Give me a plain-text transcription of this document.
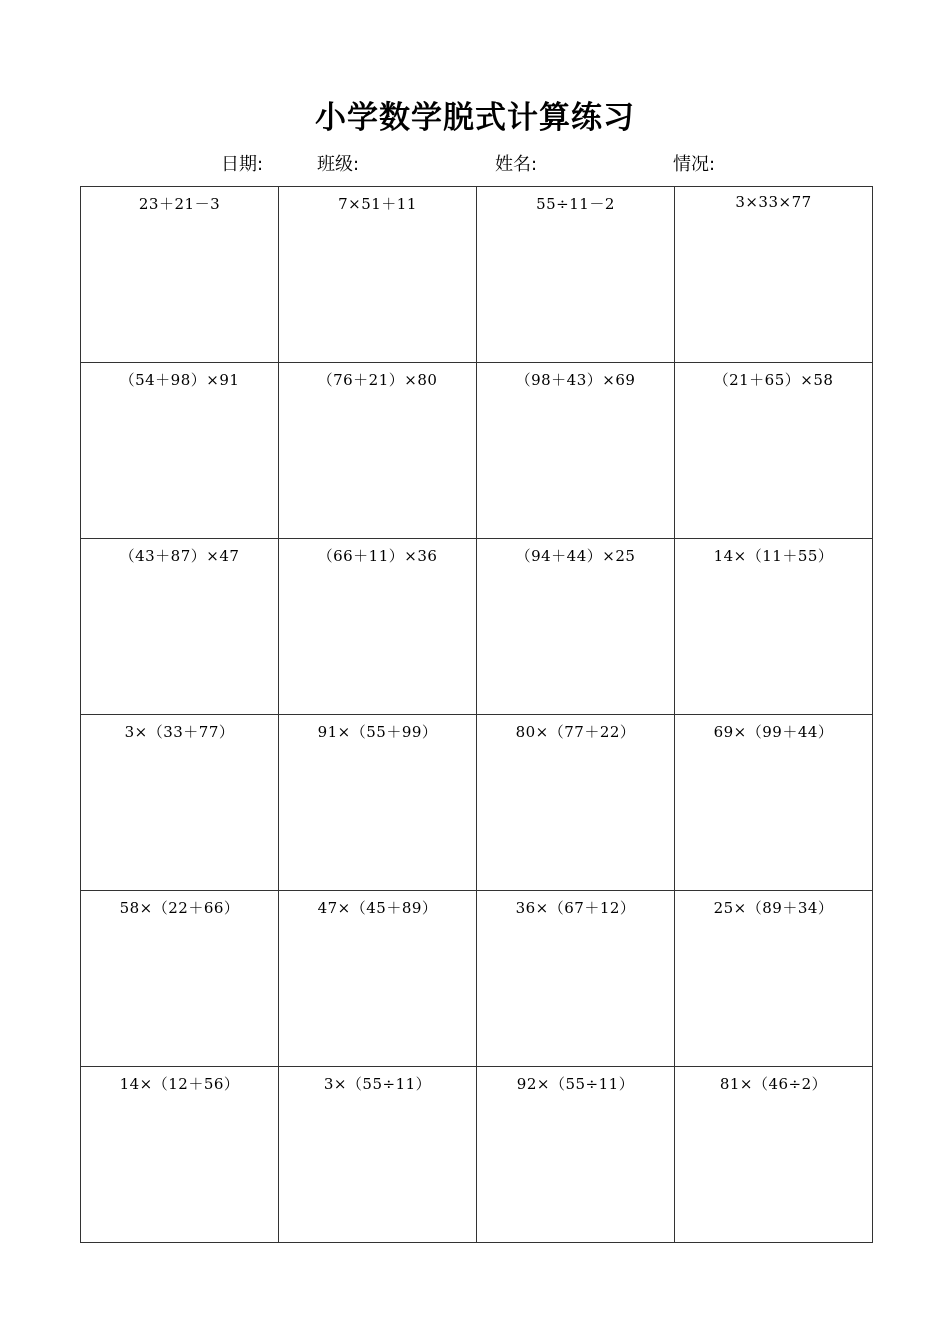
小学数学脱式计算练习
日期:	班级:	姓名:	情况:
23＋21－3	7×51＋11	55÷11－2	3×33×77

（54＋98）×91	（76＋21）×80	（98＋43）×69	（21＋65）×58

（43＋87）×47	（66＋11）×36	（94＋44）×25	14×（11＋55）

3×（33＋77）	91×（55＋99）	80×（77＋22）	69×（99＋44）

58×（22＋66）	47×（45＋89）	36×（67＋12）	25×（89＋34）

14×（12＋56）	3×（55÷11）	92×（55÷11）	81×（46÷2）
